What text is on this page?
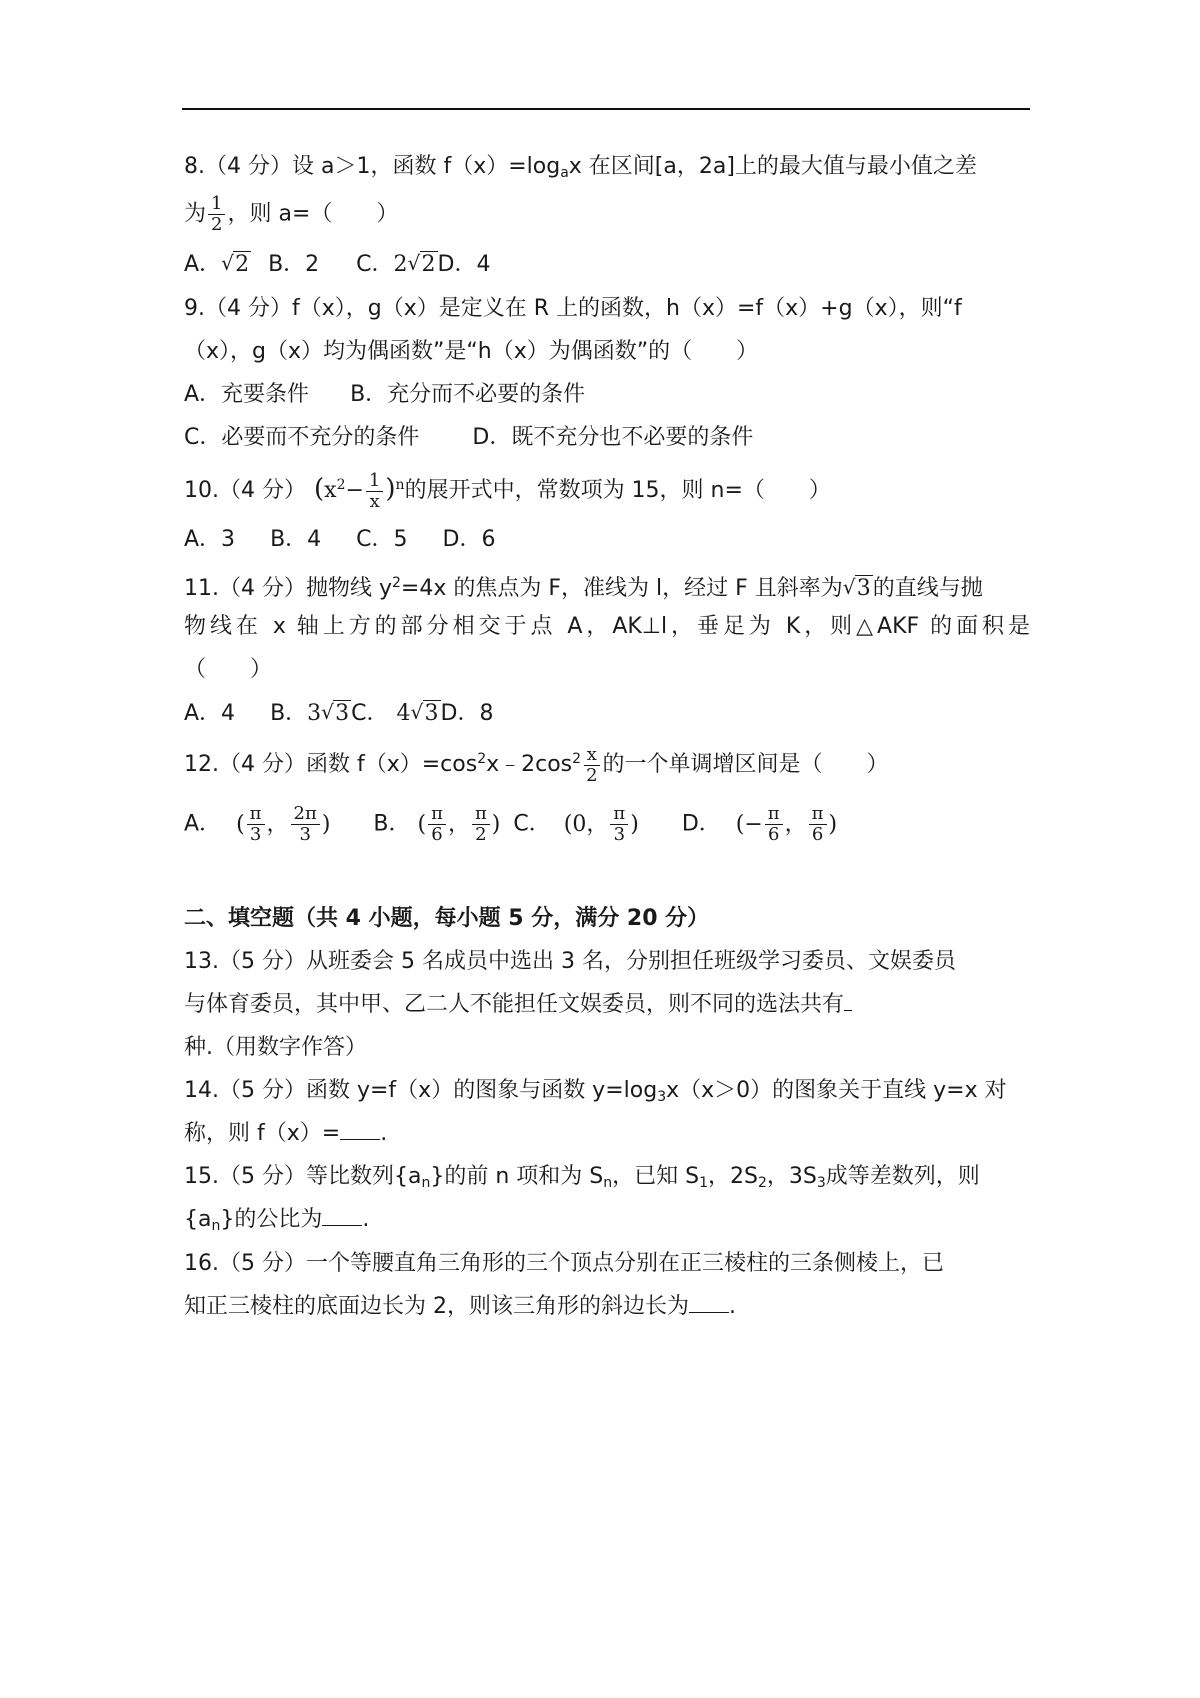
8.（4 分）设 a＞1，函数 $f(x)=\log_ax$ 在区间[a，2a]上的最大值与最小值之差
为 $\frac{1}{2}$ ，则 a=（　　）
A． √ 2 B．2 C．2 √ 2D．4
9.（4 分）f（x），g（x）是定义在 R 上的函数，h（x）=f（x）+g（x），则“f
（x），g（x）均为偶函数”是“h（x）为偶函数”的（　　）
A．充要条件 B．充分而不必要的条件
C．必要而不充分的条件 D．既不充分也不必要的条件
10.（4 分） $(x^2- \frac{1}{x} )^n$的展开式中，常数项为 15，则 n=（　　）
A．3 B．4 C．5 D．6
11.（4 分）抛物线 $y^2=4x$ 的焦点为 F，准线为 l，经过 F 且斜率为 √ 3的直线与抛
物线在 x 轴上方的部分相交于点 A，AK⊥l，垂足为 K，则△AKF 的面积是
（　　）
A．4 B．3 √ 3C． 4 √ 3D．8
12.（4 分）函数 $f(x)=\cos^2x﹣2\cos^2 \frac{x}{2}$ 的一个单调增区间是（　　）
A． ( $\frac{\pi}{3}$ ， $\frac{2\pi}{3}$ ) B． ( $\frac{\pi}{6}$ ， $\frac{\pi}{2}$ ) C． (0， $\frac{\pi}{3}$ ) D． (− $\frac{\pi}{6}$ ， $\frac{\pi}{6}$ )
二、填空题（共 4 小题，每小题 5 分，满分 20 分）
13.（5 分）从班委会 5 名成员中选出 3 名，分别担任班级学习委员、文娱委员
与体育委员，其中甲、乙二人不能担任文娱委员，则不同的选法共有
种.（用数字作答）
14.（5 分）函数 y=f（x）的图象与函数 $y=\log_3x(x>0)$的图象关于直线 y=x 对
称，则 f（x）= .
15.（5 分）等比数列$\{a_n\}$的前 n 项和为 $S_n$，已知 $S_1$，$2S_2$，$3S_3$成等差数列，则
$\{a_n\}$的公比为 .
16.（5 分）一个等腰直角三角形的三个顶点分别在正三棱柱的三条侧棱上，已
知正三棱柱的底面边长为 2，则该三角形的斜边长为 .
